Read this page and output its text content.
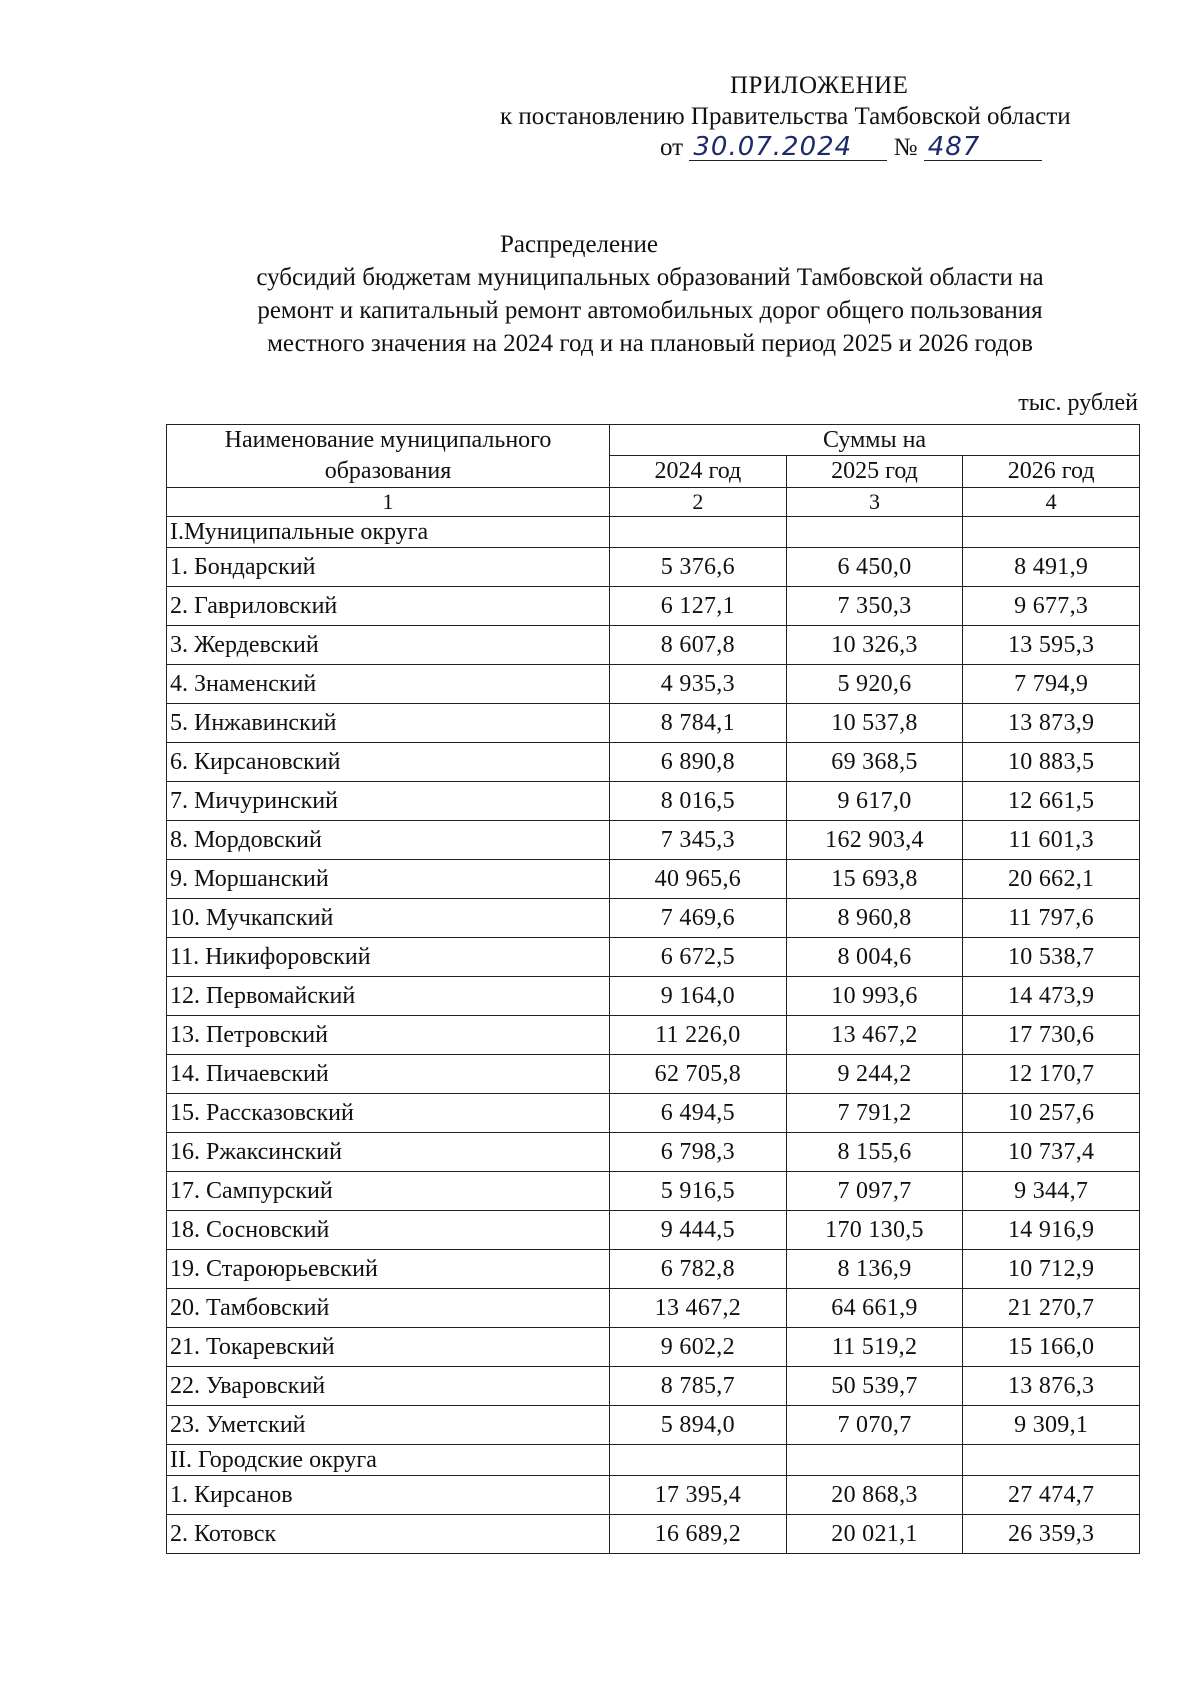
ПРИЛОЖЕНИЕ
к постановлению Правительства Тамбовской области
от 30.07.2024 № 487
Распределение
субсидий бюджетам муниципальных образований Тамбовской области на
ремонт и капитальный ремонт автомобильных дорог общего пользования
местного значения на 2024 год и на плановый период 2025 и 2026 годов
тыс. рублей
Наименование муниципального образования	Суммы на		
	2024 год	2025 год	2026 год
1	2	3	4
I.Муниципальные округа			
1. Бондарский	5 376,6	6 450,0	8 491,9
2. Гавриловский	6 127,1	7 350,3	9 677,3
3. Жердевский	8 607,8	10 326,3	13 595,3
4. Знаменский	4 935,3	5 920,6	7 794,9
5. Инжавинский	8 784,1	10 537,8	13 873,9
6. Кирсановский	6 890,8	69 368,5	10 883,5
7. Мичуринский	8 016,5	9 617,0	12 661,5
8. Мордовский	7 345,3	162 903,4	11 601,3
9. Моршанский	40 965,6	15 693,8	20 662,1
10. Мучкапский	7 469,6	8 960,8	11 797,6
11. Никифоровский	6 672,5	8 004,6	10 538,7
12. Первомайский	9 164,0	10 993,6	14 473,9
13. Петровский	11 226,0	13 467,2	17 730,6
14. Пичаевский	62 705,8	9 244,2	12 170,7
15. Рассказовский	6 494,5	7 791,2	10 257,6
16. Ржаксинский	6 798,3	8 155,6	10 737,4
17. Сампурский	5 916,5	7 097,7	9 344,7
18. Сосновский	9 444,5	170 130,5	14 916,9
19. Староюрьевский	6 782,8	8 136,9	10 712,9
20. Тамбовский	13 467,2	64 661,9	21 270,7
21. Токаревский	9 602,2	11 519,2	15 166,0
22. Уваровский	8 785,7	50 539,7	13 876,3
23. Уметский	5 894,0	7 070,7	9 309,1
II. Городские округа			
1. Кирсанов	17 395,4	20 868,3	27 474,7
2. Котовск	16 689,2	20 021,1	26 359,3
